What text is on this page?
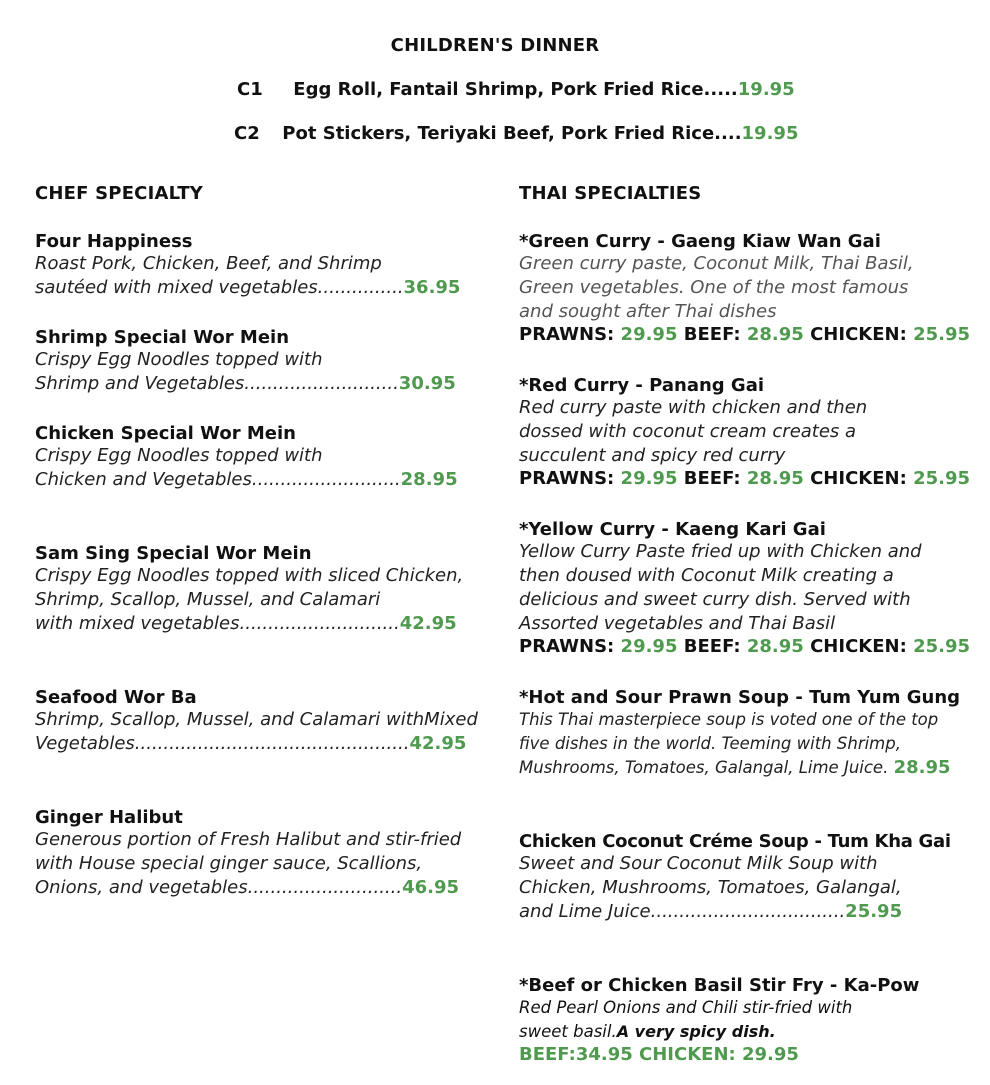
CHILDREN'S DINNER
C1 Egg Roll, Fantail Shrimp, Pork Fried Rice.....19.95
C2 Pot Stickers, Teriyaki Beef, Pork Fried Rice....19.95
CHEF SPECIALTY
Four Happiness
Roast Pork, Chicken, Beef, and Shrimp
sautéed with mixed vegetables...............36.95
Shrimp Special Wor Mein
Crispy Egg Noodles topped with
Shrimp and Vegetables...........................30.95
Chicken Special Wor Mein
Crispy Egg Noodles topped with
Chicken and Vegetables..........................28.95
Sam Sing Special Wor Mein
Crispy Egg Noodles topped with sliced Chicken,
Shrimp, Scallop, Mussel, and Calamari
with mixed vegetables............................42.95
Seafood Wor Ba
Shrimp, Scallop, Mussel, and Calamari withMixed
Vegetables................................................42.95
Ginger Halibut
Generous portion of Fresh Halibut and stir-fried
with House special ginger sauce, Scallions,
Onions, and vegetables...........................46.95
THAI SPECIALTIES
*Green Curry - Gaeng Kiaw Wan Gai
Green curry paste, Coconut Milk, Thai Basil,
Green vegetables. One of the most famous
and sought after Thai dishes
PRAWNS: 29.95 BEEF: 28.95 CHICKEN: 25.95
*Red Curry - Panang Gai
Red curry paste with chicken and then
dossed with coconut cream creates a
succulent and spicy red curry
PRAWNS: 29.95 BEEF: 28.95 CHICKEN: 25.95
*Yellow Curry - Kaeng Kari Gai
Yellow Curry Paste fried up with Chicken and
then doused with Coconut Milk creating a
delicious and sweet curry dish. Served with
Assorted vegetables and Thai Basil
PRAWNS: 29.95 BEEF: 28.95 CHICKEN: 25.95
*Hot and Sour Prawn Soup - Tum Yum Gung
This Thai masterpiece soup is voted one of the top
five dishes in the world. Teeming with Shrimp,
Mushrooms, Tomatoes, Galangal, Lime Juice. 28.95
Chicken Coconut Créme Soup - Tum Kha Gai
Sweet and Sour Coconut Milk Soup with
Chicken, Mushrooms, Tomatoes, Galangal,
and Lime Juice..................................25.95
*Beef or Chicken Basil Stir Fry - Ka-Pow
Red Pearl Onions and Chili stir-fried with
sweet basil.A very spicy dish.
BEEF:34.95 CHICKEN: 29.95
